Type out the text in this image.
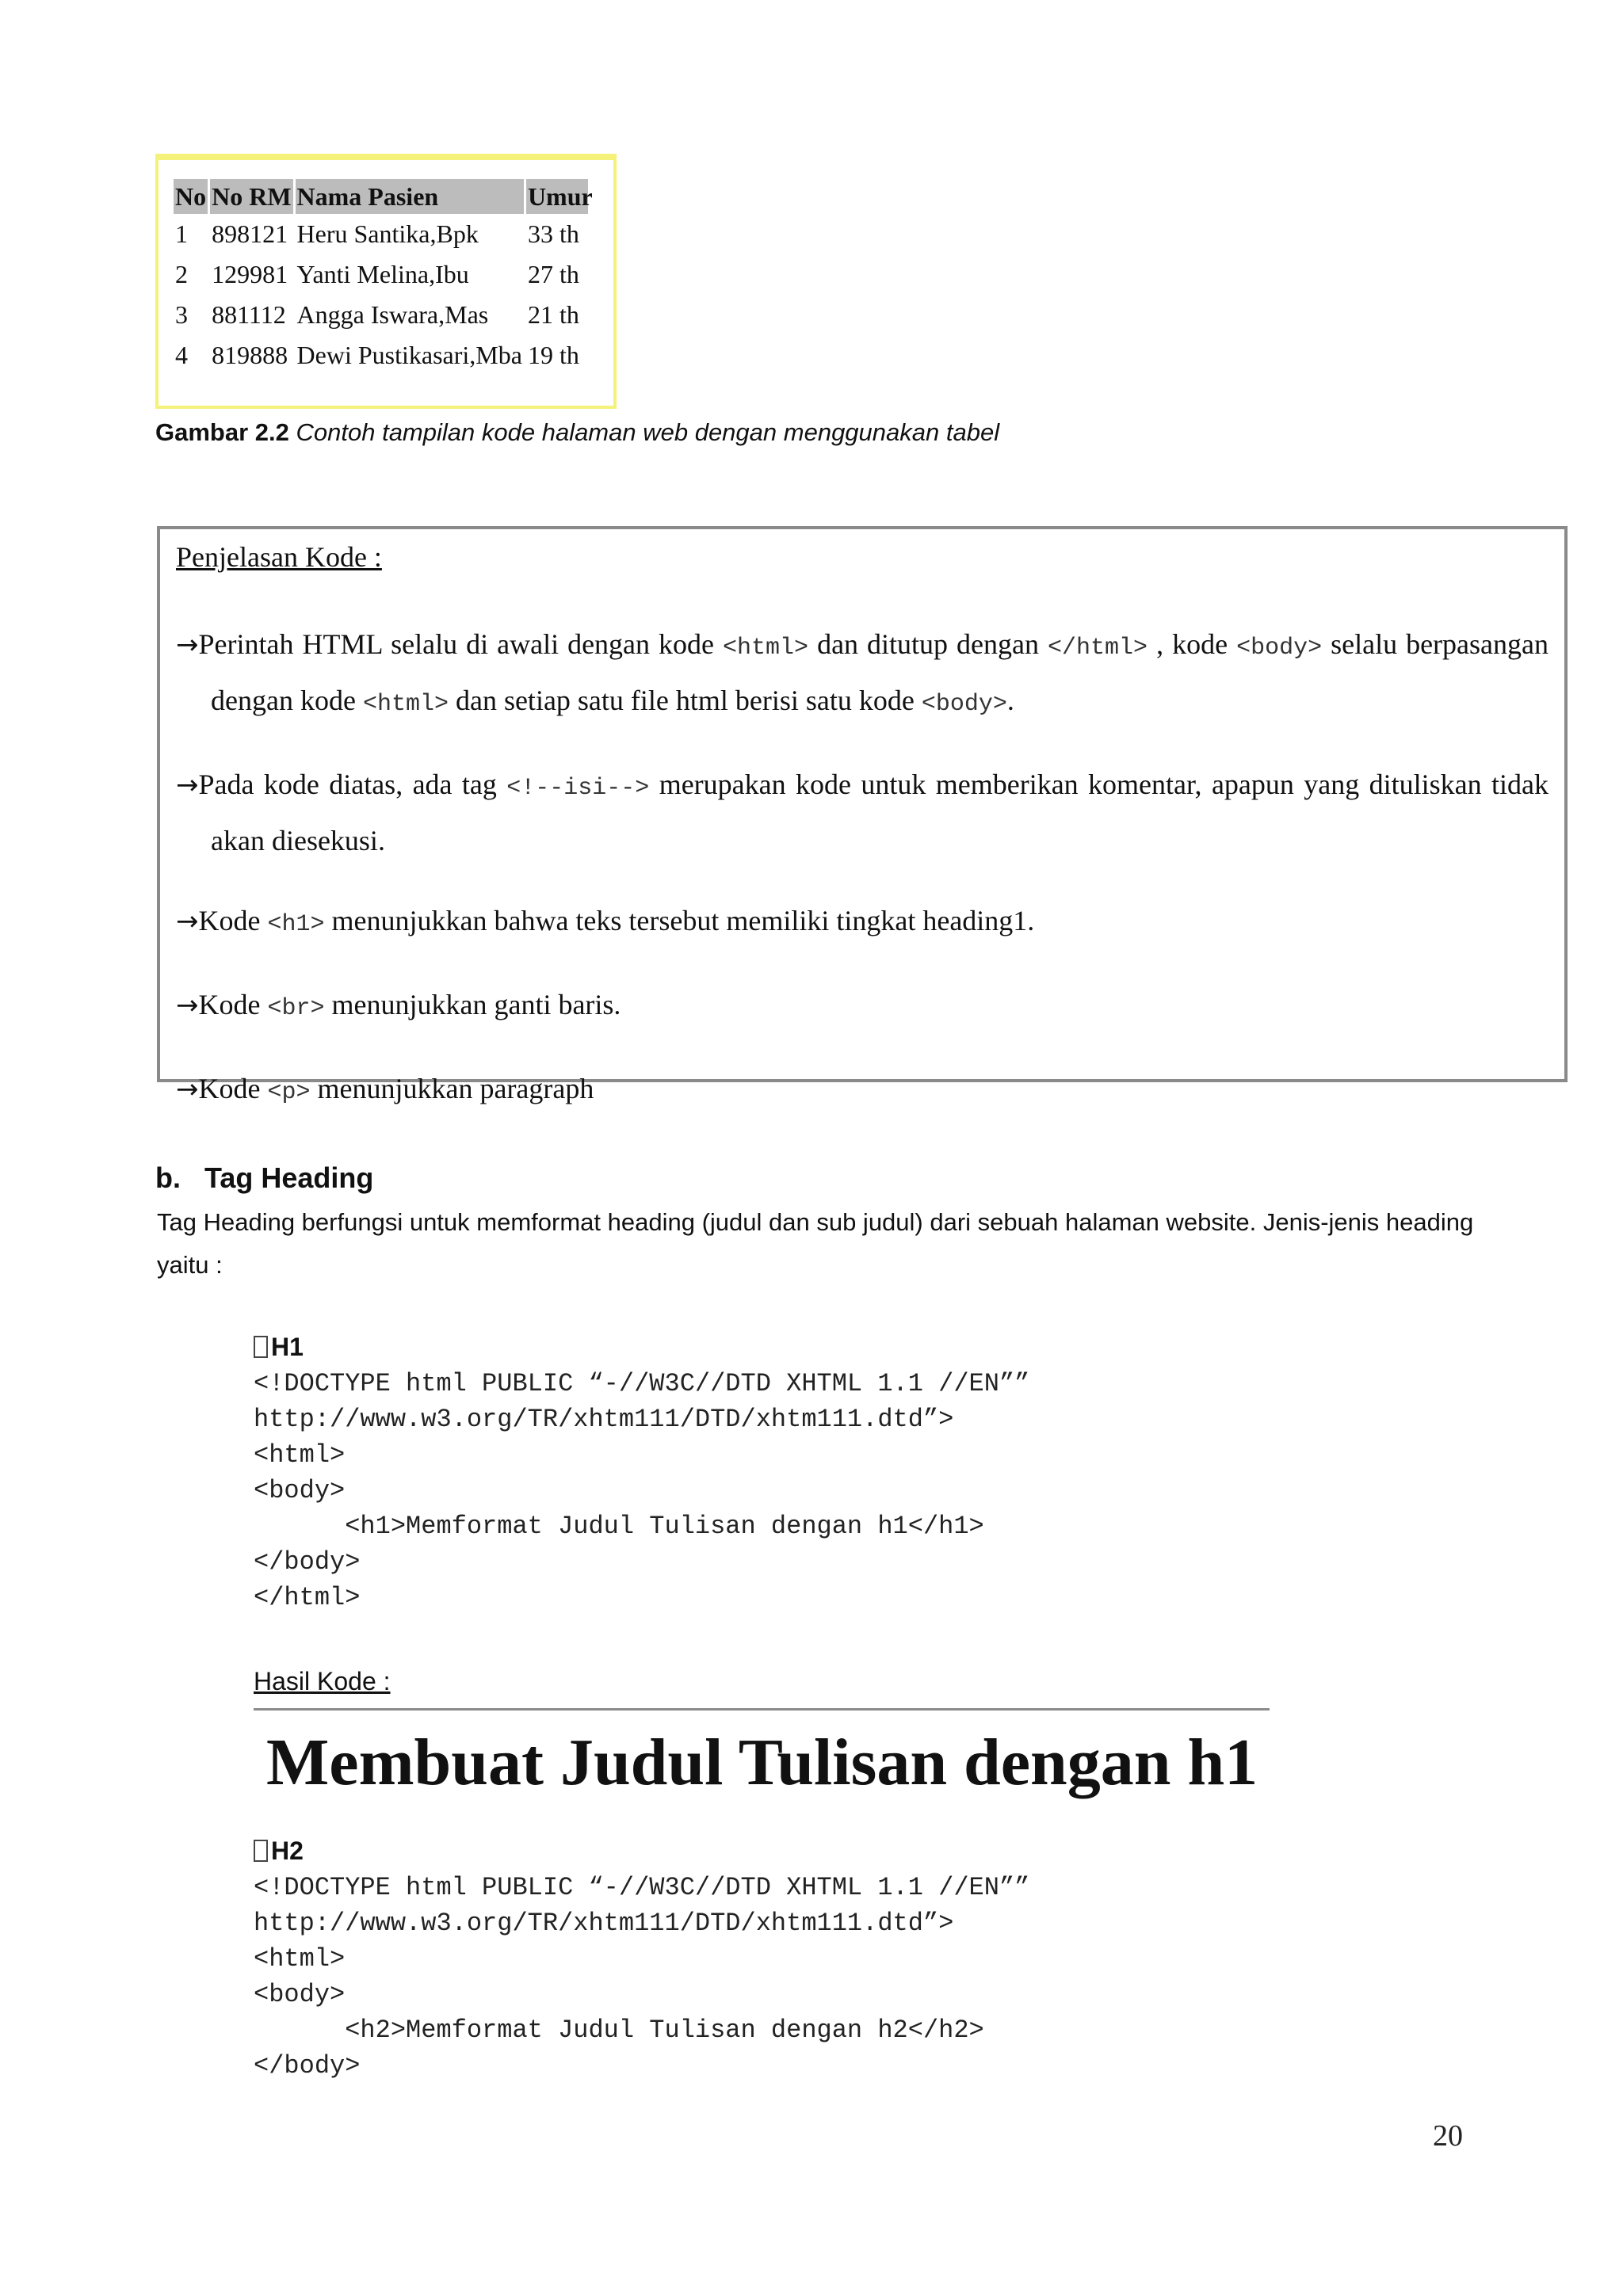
No	No RM	Nama Pasien	Umur
1	898121	Heru Santika,Bpk	33 th
2	129981	Yanti Melina,Ibu	27 th
3	881112	Angga Iswara,Mas	21 th
4	819888	Dewi Pustikasari,Mba	19 th
Gambar 2.2 Contoh tampilan kode halaman web dengan menggunakan tabel
Penjelasan Kode :
→Perintah HTML selalu di awali dengan kode <html> dan ditutup dengan </html> , kode <body> selalu berpasangan dengan kode <html> dan setiap satu file html berisi satu kode <body>.
→Pada kode diatas, ada tag <!--isi--> merupakan kode untuk memberikan komentar, apapun yang dituliskan tidak akan diesekusi.
→Kode <h1> menunjukkan bahwa teks tersebut memiliki tingkat heading1.
→Kode <br> menunjukkan ganti baris.
→Kode <p> menunjukkan paragraph
b. Tag Heading
Tag Heading berfungsi untuk memformat heading (judul dan sub judul) dari sebuah halaman website. Jenis-jenis heading yaitu :
H1
<!DOCTYPE html PUBLIC “-//W3C//DTD XHTML 1.1 //EN””
http://www.w3.org/TR/xhtm111/DTD/xhtm111.dtd”>
<html>
<body>
<h1>Memformat Judul Tulisan dengan h1</h1>
</body>
</html>
Hasil Kode :
Membuat Judul Tulisan dengan h1
H2
<!DOCTYPE html PUBLIC “-//W3C//DTD XHTML 1.1 //EN””
http://www.w3.org/TR/xhtm111/DTD/xhtm111.dtd”>
<html>
<body>
<h2>Memformat Judul Tulisan dengan h2</h2>
</body>
20
